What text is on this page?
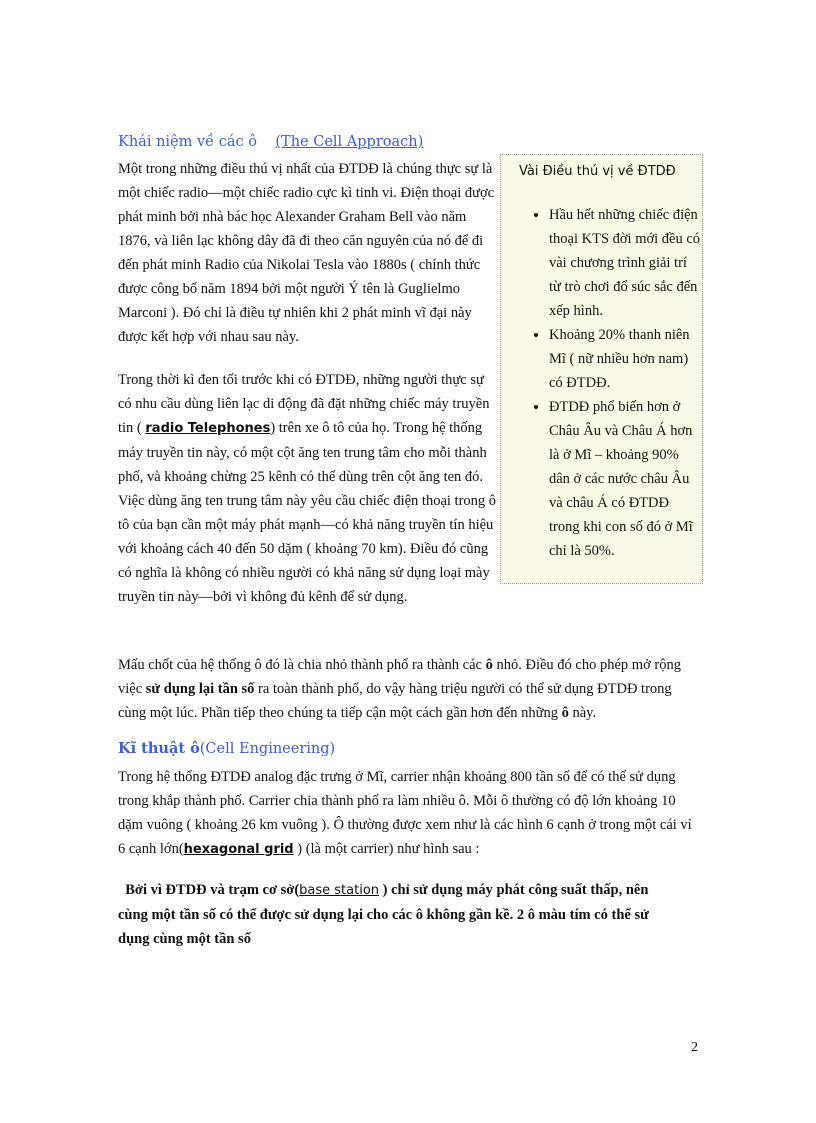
Khái niệm về các ô (The Cell Approach)

Một trong những điều thú vị nhất của ĐTDĐ là chúng thực sự là một chiếc radio—một chiếc radio cực kì tinh vi. Điện thoại được phát minh bởi nhà bác học Alexander Graham Bell vào năm 1876, và liên lạc không dây đã đi theo căn nguyên của nó để đi đến phát minh Radio của Nikolai Tesla vào 1880s ( chính thức được công bố năm 1894 bởi một người Ý tên là Guglielmo Marconi ). Đó chỉ là điều tự nhiên khi 2 phát minh vĩ đại này được kết hợp với nhau sau này.

Trong thời kì đen tối trước khi có ĐTDĐ, những người thực sự có nhu cầu dùng liên lạc di động đã đặt những chiếc máy truyền tin ( radio Telephones) trên xe ô tô của họ. Trong hệ thống máy truyền tin này, có một cột ăng ten trung tâm cho mỗi thành phố, và khoảng chừng 25 kênh có thể dùng trên cột ăng ten đó. Việc dùng ăng ten trung tâm này yêu cầu chiếc điện thoại trong ô tô của bạn cần một máy phát mạnh—có khả năng truyền tín hiệu với khoảng cách 40 đến 50 dặm ( khoảng 70 km). Điều đó cũng có nghĩa là không có nhiều người có khả năng sử dụng loại mày truyền tin này—bởi vì không đủ kênh để sử dụng.

Vài Điều thú vị về ĐTDĐ
• Hầu hết những chiếc điện thoại KTS đời mới đều có vài chương trình giải trí từ trò chơi đổ súc sắc đến xếp hình.
• Khoảng 20% thanh niên Mĩ ( nữ nhiều hơn nam) có ĐTDĐ.
• ĐTDĐ phổ biến hơn ở Châu Âu và Châu Á hơn là ở Mĩ – khoảng 90% dân ở các nước châu Âu và châu Á có ĐTDĐ trong khi con số đó ở Mĩ chỉ là 50%.

Mấu chốt của hệ thống ô đó là chia nhỏ thành phố ra thành các ô nhỏ. Điều đó cho phép mở rộng việc sử dụng lại tần số ra toàn thành phố, do vậy hàng triệu người có thể sử dụng ĐTDĐ trong cùng một lúc. Phần tiếp theo chúng ta tiếp cận một cách gần hơn đến những ô này.

Kĩ thuật ô(Cell Engineering)

Trong hệ thống ĐTDĐ analog đặc trưng ở Mĩ, carrier nhận khoảng 800 tần số để có thể sử dụng trong khắp thành phố. Carrier chia thành phố ra làm nhiều ô. Mỗi ô thường có độ lớn khoảng 10 dặm vuông ( khoảng 26 km vuông ). Ô thường được xem như là các hình 6 cạnh ở trong một cái vỉ 6 cạnh lớn(hexagonal grid ) (là một carrier) như hình sau :

Bởi vì ĐTDĐ và trạm cơ sở(base station ) chỉ sử dụng máy phát công suất thấp, nên cùng một tần số có thể được sử dụng lại cho các ô không gần kề. 2 ô màu tím có thể sử dụng cùng một tần số

2
